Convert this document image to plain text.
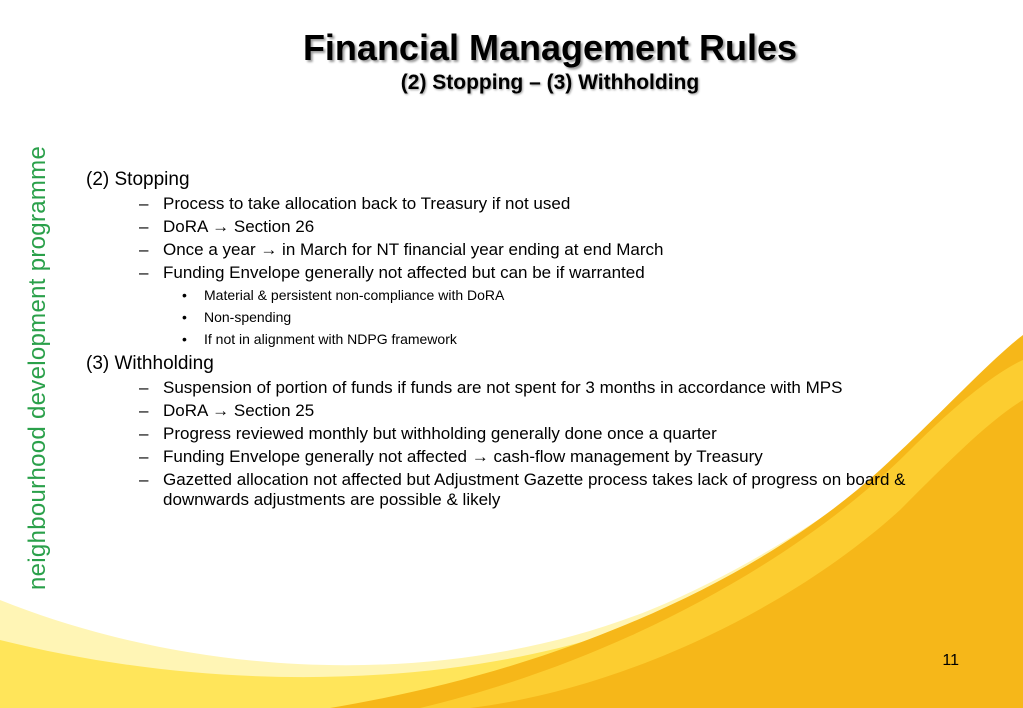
neighbourhood development programme
Financial Management Rules
(2) Stopping – (3) Withholding
(2) Stopping
– Process to take allocation back to Treasury if not used
– DoRA → Section 26
– Once a year → in March for NT financial year ending at end March
– Funding Envelope generally not affected but can be if warranted
• Material & persistent non-compliance with DoRA
• Non-spending
• If not in alignment with NDPG framework
(3) Withholding
– Suspension of portion of funds if funds are not spent for 3 months in accordance with MPS
– DoRA → Section 25
– Progress reviewed monthly but withholding generally done once a quarter
– Funding Envelope generally not affected → cash-flow management by Treasury
– Gazetted allocation not affected but Adjustment Gazette process takes lack of progress on board & downwards adjustments are possible & likely
11
